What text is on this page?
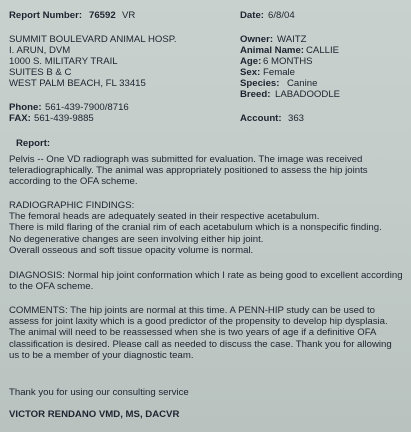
Report Number: 76592 VR	Date: 6/8/04
SUMMIT BOULEVARD ANIMAL HOSP.
I. ARUN, DVM
1000 S. MILITARY TRAIL
SUITES B & C
WEST PALM BEACH, FL 33415
Phone: 561-439-7900/8716
FAX: 561-439-9885
Owner: WAITZ
Animal Name: CALLIE
Age: 6 MONTHS
Sex: Female
Species: Canine
Breed: LABADOODLE
Account: 363
Report:
Pelvis -- One VD radiograph was submitted for evaluation. The image was received
teleradiographically. The animal was appropriately positioned to assess the hip joints
according to the OFA scheme.
RADIOGRAPHIC FINDINGS:
The femoral heads are adequately seated in their respective acetabulum.
There is mild flaring of the cranial rim of each acetabulum which is a nonspecific finding.
No degenerative changes are seen involving either hip joint.
Overall osseous and soft tissue opacity volume is normal.
DIAGNOSIS: Normal hip joint conformation which I rate as being good to excellent according
to the OFA scheme.
COMMENTS: The hip joints are normal at this time. A PENN-HIP study can be used to
assess for joint laxity which is a good predictor of the propensity to develop hip dysplasia.
The animal will need to be reassessed when she is two years of age if a definitive OFA
classification is desired. Please call as needed to discuss the case. Thank you for allowing
us to be a member of your diagnostic team.
Thank you for using our consulting service
VICTOR RENDANO VMD, MS, DACVR
